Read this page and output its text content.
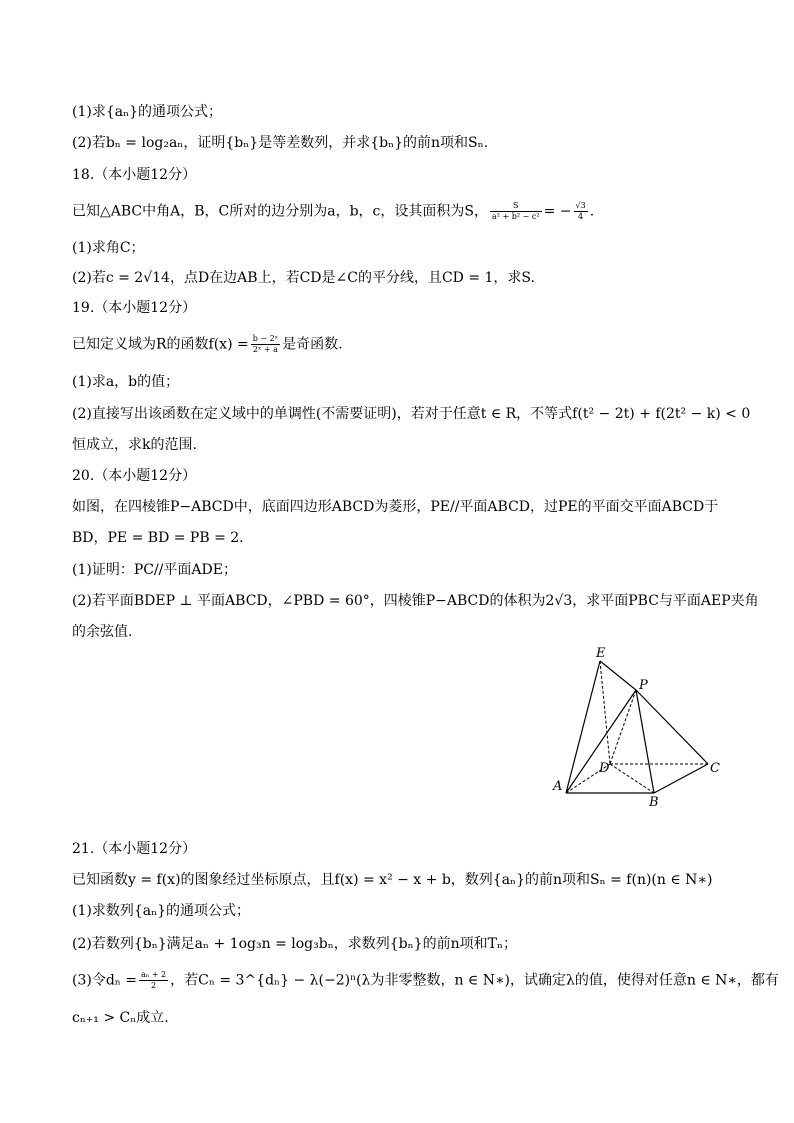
(1)求{aₙ}的通项公式；
(2)若bₙ = log₂aₙ，证明{bₙ}是等差数列，并求{bₙ}的前n项和Sₙ.
18.（本小题12分）
已知△ABC中角A，B，C所对的边分别为a，b，c，设其面积为S， $\frac{S}{\text{a² + b² − c²}}$ = − $\frac{√3}{4}$ .
(1)求角C；
(2)若c = 2√14，点D在边AB上，若CD是∠C的平分线，且CD = 1，求S.
19.（本小题12分）
已知定义域为R的函数$f(x) = \frac{\text{b − 2ˣ}}{\text{2ˣ + a}}$ 是奇函数.
(1)求a，b的值；
(2)直接写出该函数在定义域中的单调性(不需要证明)，若对于任意t ∈ R，不等式f(t² − 2t) + f(2t² − k) < 0
恒成立，求k的范围.
20.（本小题12分）
如图，在四棱锥P−ABCD中，底面四边形ABCD为菱形，PE//平面ABCD，过PE的平面交平面ABCD于
BD，PE = BD = PB = 2.
(1)证明：PC//平面ADE；
(2)若平面BDEP ⊥ 平面ABCD，∠PBD = 60°，四棱锥P−ABCD的体积为2√3，求平面PBC与平面AEP夹角
的余弦值.
E
P
D	C
A
B
21.（本小题12分）
已知函数y = f(x)的图象经过坐标原点，且f(x) = x² − x + b，数列{aₙ}的前n项和Sₙ = f(n)(n ∈ N∗)
(1)求数列{aₙ}的通项公式；
(2)若数列{bₙ}满足aₙ + 1og₃n = log₃bₙ，求数列{bₙ}的前n项和Tₙ；
(3)令$d_n = \frac{\text{aₙ + 2}}{2}$ ，若Cₙ = 3^{dₙ} − λ(−2)ⁿ(λ为非零整数，n ∈ N∗)，试确定λ的值，使得对任意n ∈ N∗，都有
cₙ₊₁ > Cₙ成立.
